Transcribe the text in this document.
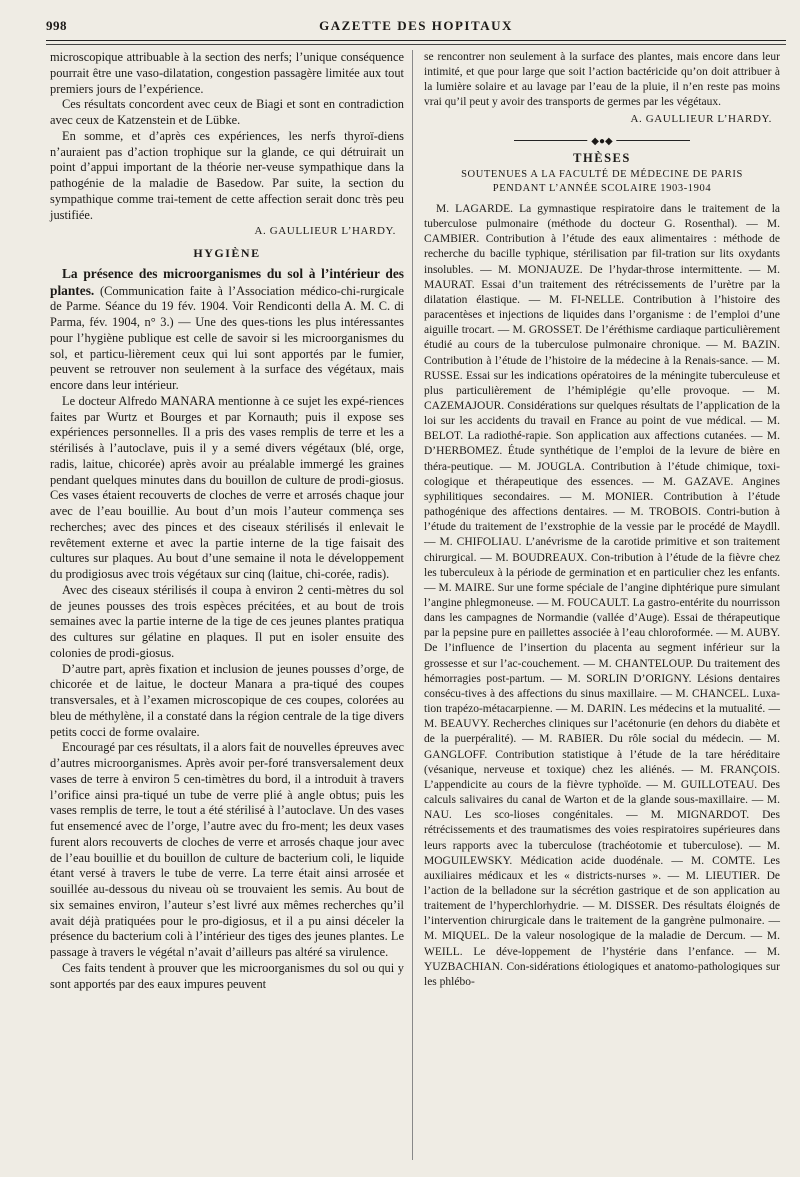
998	GAZETTE DES HOPITAUX

microscopique attribuable à la section des nerfs; l’unique conséquence pourrait être une vaso-dilatation, congestion passagère limitée aux tout premiers jours de l’expérience.

Ces résultats concordent avec ceux de Biagi et sont en contradiction avec ceux de Katzenstein et de Lübke.

En somme, et d’après ces expériences, les nerfs thyroï-diens n’auraient pas d’action trophique sur la glande, ce qui détruirait un point d’appui important de la théorie ner-veuse sympathique dans la pathogénie de la maladie de Basedow. Par suite, la section du sympathique comme trai-tement de cette affection serait donc très peu justifiée.

A. GAULLIEUR L’HARDY.
HYGIÈNE

La présence des microorganismes du sol à l’intérieur des plantes. (Communication faite à l’Association médico-chi-rurgicale de Parme. Séance du 19 fév. 1904. Voir Rendiconti della A. M. C. di Parma, fév. 1904, n° 3.) — Une des ques-tions les plus intéressantes pour l’hygiène publique est celle de savoir si les microorganismes du sol, et particu-lièrement ceux qui lui sont apportés par le fumier, peuvent se retrouver non seulement à la surface des végétaux, mais encore dans leur intérieur.

Le docteur Alfredo MANARA mentionne à ce sujet les expé-riences faites par Wurtz et Bourges et par Kornauth; puis il expose ses expériences personnelles. Il a pris des vases remplis de terre et les a stérilisés à l’autoclave, puis il y a semé divers végétaux (blé, orge, radis, laitue, chicorée) après avoir au préalable immergé les graines pendant quelques minutes dans du bouillon de culture de prodi-giosus. Ces vases étaient recouverts de cloches de verre et arrosés chaque jour avec de l’eau bouillie. Au bout d’un mois l’auteur commença ses recherches; avec des pinces et des ciseaux stérilisés il enlevait le revêtement externe et avec la partie interne de la tige faisait des cultures sur plaques. Au bout d’une semaine il nota le développement du prodigiosus avec trois végétaux sur cinq (laitue, chi-corée, radis).

Avec des ciseaux stérilisés il coupa à environ 2 centi-mètres du sol de jeunes pousses des trois espèces précitées, et au bout de trois semaines avec la partie interne de la tige de ces jeunes plantes pratiqua des cultures sur gélatine en plaques. Il put en isoler ensuite des colonies de prodi-giosus.

D’autre part, après fixation et inclusion de jeunes pousses d’orge, de chicorée et de laitue, le docteur Manara a pra-tiqué des coupes transversales, et à l’examen microscopique de ces coupes, colorées au bleu de méthylène, il a constaté dans la région centrale de la tige divers petits cocci de forme ovalaire.

Encouragé par ces résultats, il a alors fait de nouvelles épreuves avec d’autres microorganismes. Après avoir per-foré transversalement deux vases de terre à environ 5 cen-timètres du bord, il a introduit à travers l’orifice ainsi pra-tiqué un tube de verre plié à angle obtus; puis les vases remplis de terre, le tout a été stérilisé à l’autoclave. Un des vases fut ensemencé avec de l’orge, l’autre avec du fro-ment; les deux vases furent alors recouverts de cloches de verre et arrosés chaque jour avec de l’eau bouillie et du bouillon de culture de bacterium coli, le liquide étant versé à travers le tube de verre. La terre était ainsi arrosée et souillée au-dessous du niveau où se trouvaient les semis. Au bout de six semaines environ, l’auteur s’est livré aux mêmes recherches qu’il avait déjà pratiquées pour le pro-digiosus, et il a pu ainsi déceler la présence du bacterium coli à l’intérieur des tiges des jeunes plantes. Le passage à travers le végétal n’avait d’ailleurs pas altéré sa virulence.

Ces faits tendent à prouver que les microorganismes du sol ou qui y sont apportés par des eaux impures peuvent

se rencontrer non seulement à la surface des plantes, mais encore dans leur intimité, et que pour large que soit l’action bactéricide qu’on doit attribuer à la lumière solaire et au lavage par l’eau de la pluie, il n’en reste pas moins vrai qu’il peut y avoir des transports de germes par les végétaux.

A. GAULLIEUR L’HARDY.
◆●◆
THÈSES
SOUTENUES A LA FACULTÉ DE MÉDECINE DE PARIS
PENDANT L’ANNÉE SCOLAIRE 1903-1904

M. LAGARDE. La gymnastique respiratoire dans le traitement de la tuberculose pulmonaire (méthode du docteur G. Rosenthal). — M. CAMBIER. Contribution à l’étude des eaux alimentaires : méthode de recherche du bacille typhique, stérilisation par fil-tration sur lits oxydants insolubles. — M. MONJAUZE. De l’hydar-throse intermittente. — M. MAURAT. Essai d’un traitement des rétrécissements de l’urètre par la dilatation élastique. — M. FI-NELLE. Contribution à l’histoire des paracentèses et injections de liquides dans l’organisme : de l’emploi d’une aiguille trocart. — M. GROSSET. De l’éréthisme cardiaque particulièrement étudié au cours de la tuberculose pulmonaire chronique. — M. BAZIN. Contribution à l’étude de l’histoire de la médecine à la Renais-sance. — M. RUSSE. Essai sur les indications opératoires de la méningite tuberculeuse et plus particulièrement de l’hémiplégie qu’elle provoque. — M. CAZEMAJOUR. Considérations sur quelques résultats de l’application de la loi sur les accidents du travail en France au point de vue médical. — M. BELOT. La radiothé-rapie. Son application aux affections cutanées. — M. D’HERBOMEZ. Étude synthétique de l’emploi de la levure de bière en théra-peutique. — M. JOUGLA. Contribution à l’étude chimique, toxi-cologique et thérapeutique des essences. — M. GAZAVE. Angines syphilitiques secondaires. — M. MONIER. Contribution à l’étude pathogénique des affections dentaires. — M. TROBOIS. Contri-bution à l’étude du traitement de l’exstrophie de la vessie par le procédé de Maydll. — M. CHIFOLIAU. L’anévrisme de la carotide primitive et son traitement chirurgical. — M. BOUDREAUX. Con-tribution à l’étude de la fièvre chez les tuberculeux à la période de germination et en particulier chez les enfants. — M. MAIRE. Sur une forme spéciale de l’angine diphtérique pure simulant l’angine phlegmoneuse. — M. FOUCAULT. La gastro-entérite du nourrisson dans les campagnes de Normandie (vallée d’Auge). Essai de thérapeutique par la pepsine pure en paillettes associée à l’eau chloroformée. — M. AUBY. De l’influence de l’insertion du placenta au segment inférieur sur la grossesse et sur l’ac-couchement. — M. CHANTELOUP. Du traitement des hémorragies post-partum. — M. SORLIN D’ORIGNY. Lésions dentaires consécu-tives à des affections du sinus maxillaire. — M. CHANCEL. Luxa-tion trapézo-métacarpienne. — M. DARIN. Les médecins et la mutualité. — M. BEAUVY. Recherches cliniques sur l’acétonurie (en dehors du diabète et de la puerpéralité). — M. RABIER. Du rôle social du médecin. — M. GANGLOFF. Contribution statistique à l’étude de la tare héréditaire (vésanique, nerveuse et toxique) chez les aliénés. — M. FRANÇOIS. L’appendicite au cours de la fièvre typhoïde. — M. GUILLOTEAU. Des calculs salivaires du canal de Warton et de la glande sous-maxillaire. — M. NAU. Les sco-lioses congénitales. — M. MIGNARDOT. Des rétrécissements et des traumatismes des voies respiratoires supérieures dans leurs rapports avec la tuberculose (trachéotomie et tuberculose). — M. MOGUILEWSKY. Médication acide duodénale. — M. COMTE. Les auxiliaires médicaux et les « districts-nurses ». — M. LIEUTIER. De l’action de la belladone sur la sécrétion gastrique et de son application au traitement de l’hyperchlorhydrie. — M. DISSER. Des résultats éloignés de l’intervention chirurgicale dans le traitement de la gangrène pulmonaire. — M. MIQUEL. De la valeur nosologique de la maladie de Dercum. — M. WEILL. Le déve-loppement de l’hystérie dans l’enfance. — M. YUZBACHIAN. Con-sidérations étiologiques et anatomo-pathologiques sur les phlébo-
